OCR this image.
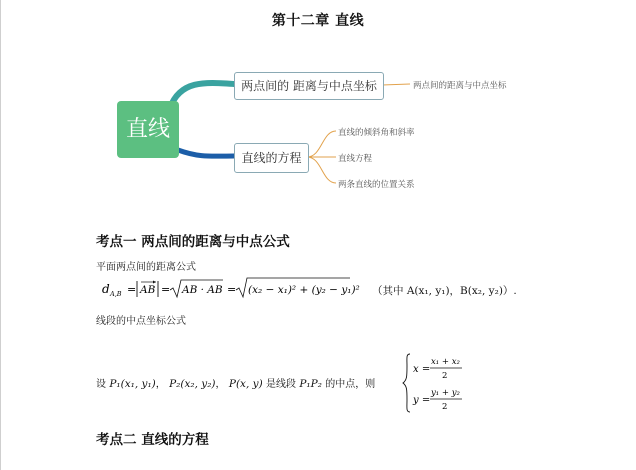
第十二章 直线
直线
两点间的 距离与中点坐标
直线的方程
两点间的距离与中点坐标
直线的倾斜角和斜率
直线方程
两条直线的位置关系
考点一 两点间的距离与中点公式
平面两点间的距离公式
d A,B = AB = AB · AB = (x₂ − x₁)² + (y₂ − y₁)² （其中 A(x₁, y₁)，B(x₂, y₂)）.
线段的中点坐标公式
设 P₁(x₁, y₁)， P₂(x₂, y₂)， P(x, y) 是线段 P₁P₂ 的中点，则
x =
x₁ + x₂
2
y =
y₁ + y₂
2
考点二 直线的方程
